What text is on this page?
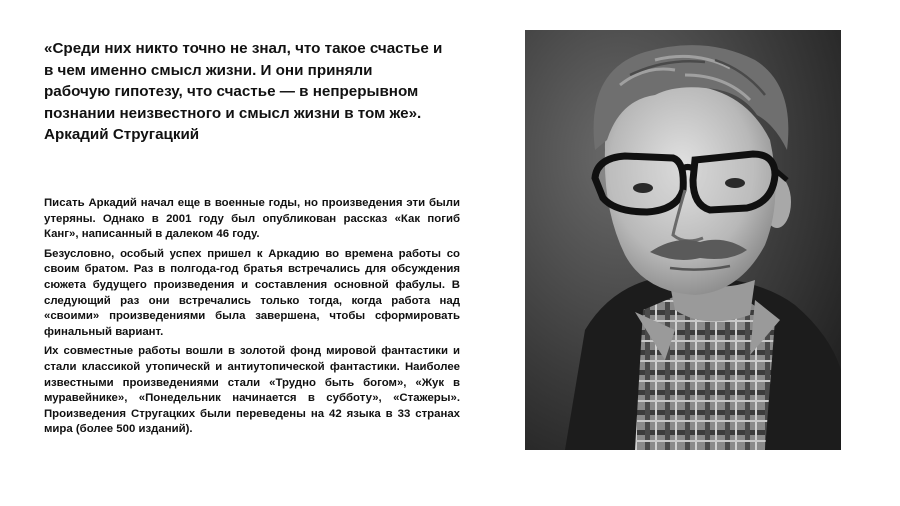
«Среди них никто точно не знал, что такое счастье и
в чем именно смысл жизни. И они приняли
рабочую гипотезу, что счастье — в непрерывном
познании неизвестного и смысл жизни в том же».
Аркадий Стругацкий

Писать Аркадий начал еще в военные годы, но произведения эти были утеряны. Однако в 2001 году был опубликован рассказ «Как погиб Канг», написанный в далеком 46 году.

Безусловно, особый успех пришел к Аркадию во времена работы со своим братом. Раз в полгода-год братья встречались для обсуждения сюжета будущего произведения и составления основной фабулы. В следующий раз они встречались только тогда, когда работа над «своими» произведениями была завершена, чтобы сформировать финальный вариант.

Их совместные работы вошли в золотой фонд мировой фантастики и стали классикой утопическй и антиутопической фантастики. Наиболее известными произведениями стали «Трудно быть богом», «Жук в муравейнике», «Понедельник начинается в субботу», «Стажеры». Произведения Стругацких были переведены на 42 языка в 33 странах мира (более 500 изданий).
